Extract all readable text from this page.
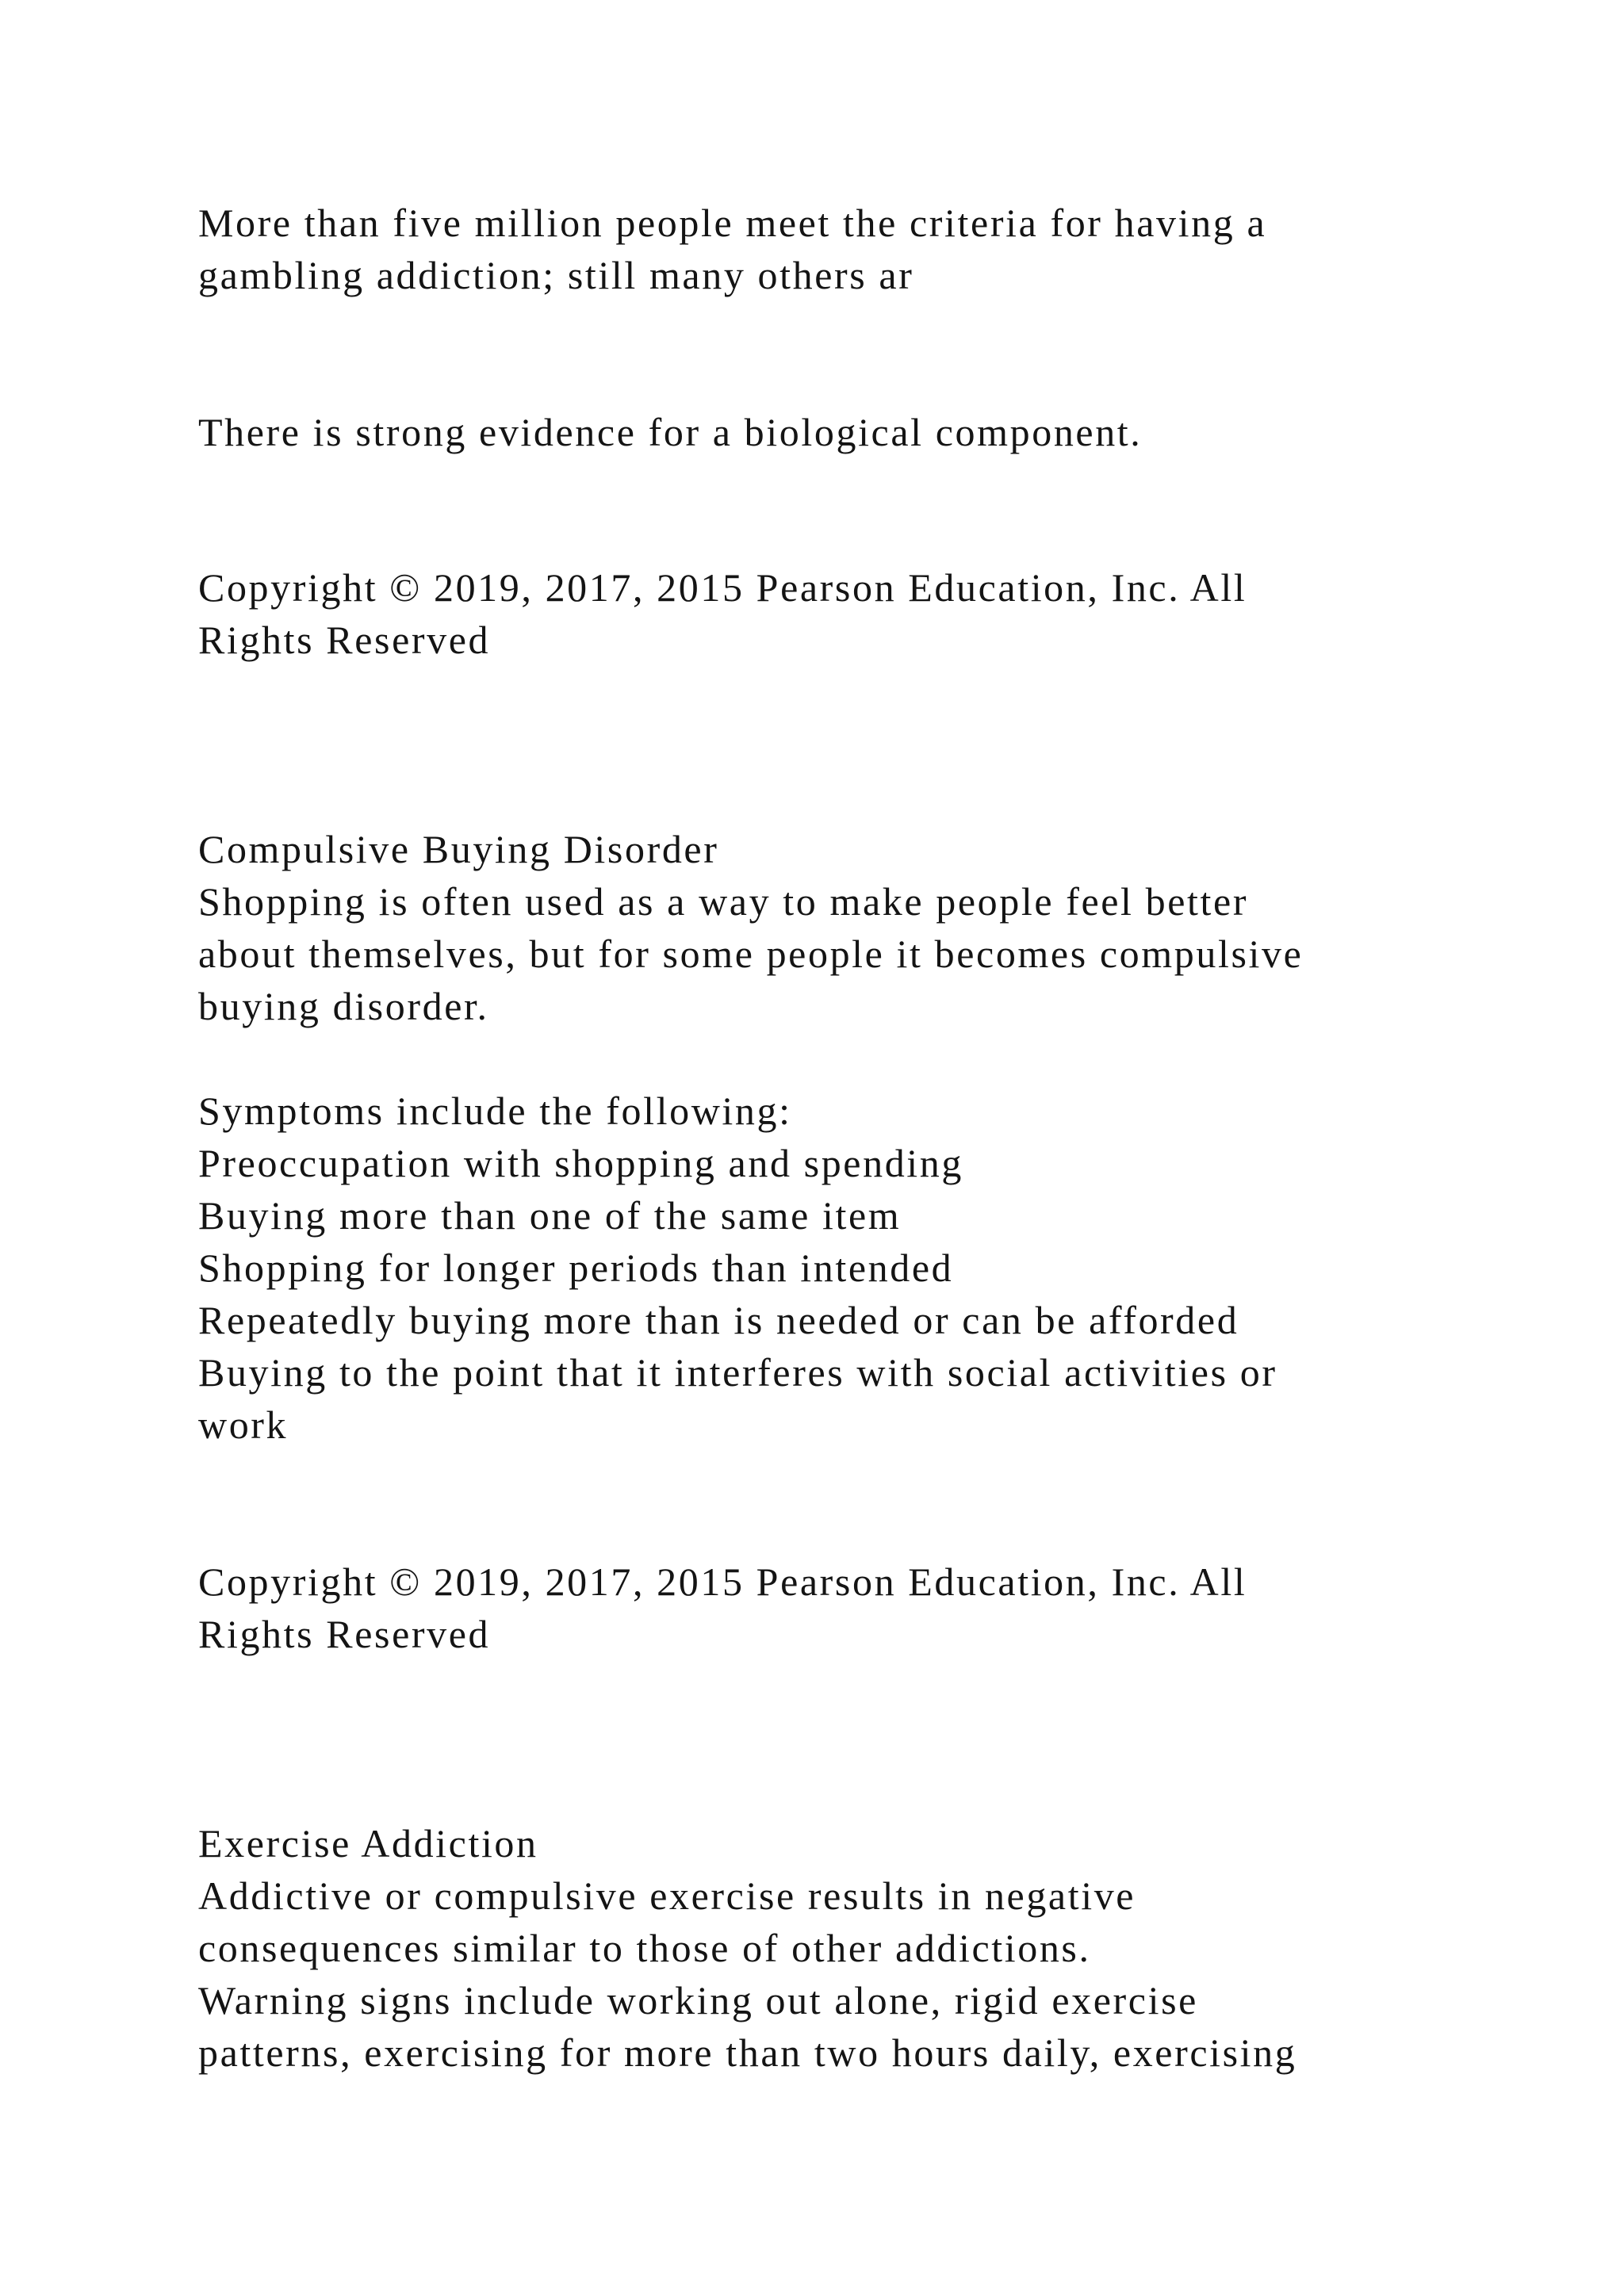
More than five million people meet the criteria for having a
gambling addiction; still many others ar
There is strong evidence for a biological component.
Copyright © 2019, 2017, 2015 Pearson Education, Inc. All
Rights Reserved
Compulsive Buying Disorder
Shopping is often used as a way to make people feel better
about themselves, but for some people it becomes compulsive
buying disorder.
Symptoms include the following:
Preoccupation with shopping and spending
Buying more than one of the same item
Shopping for longer periods than intended
Repeatedly buying more than is needed or can be afforded
Buying to the point that it interferes with social activities or
work
Copyright © 2019, 2017, 2015 Pearson Education, Inc. All
Rights Reserved
Exercise Addiction
Addictive or compulsive exercise results in negative
consequences similar to those of other addictions.
Warning signs include working out alone, rigid exercise
patterns, exercising for more than two hours daily, exercising
